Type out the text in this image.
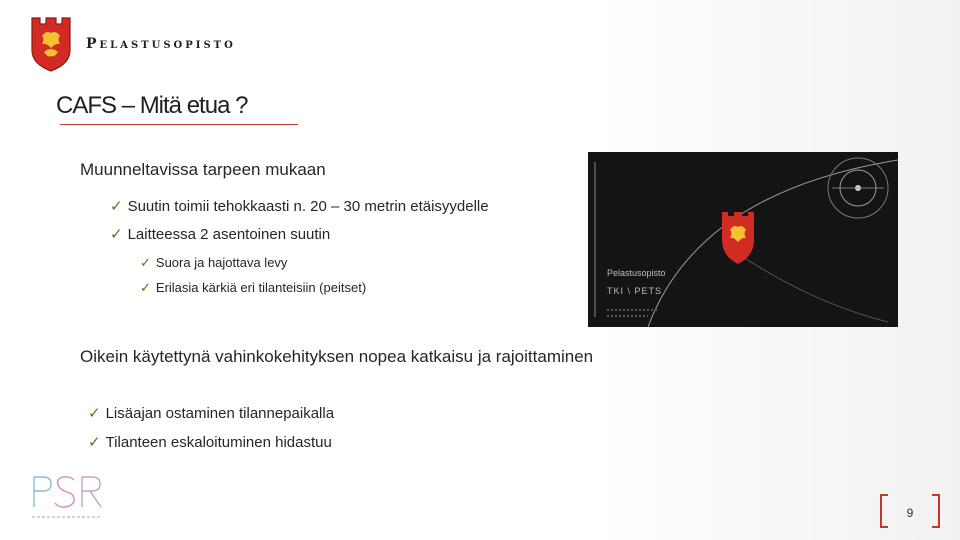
Pelastusopisto
CAFS – Mitä etua ?
Muunneltavissa tarpeen mukaan
✓ Suutin toimii tehokkaasti n. 20 – 30 metrin etäisyydelle
✓ Laitteessa 2 asentoinen suutin
✓ Suora ja hajottava levy
✓ Erilasia kärkiä eri tilanteisiin (peitset)
Pelastusopisto
TKI \ PETS
Oikein käytettynä vahinkokehityksen nopea katkaisu ja rajoittaminen
✓ Lisäajan ostaminen tilannepaikalla
✓ Tilanteen eskaloituminen hidastuu
9
